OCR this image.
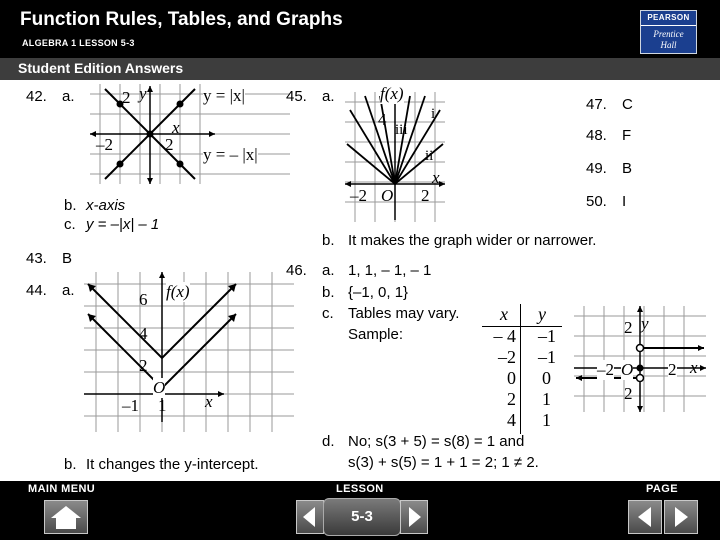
Function Rules, Tables, and Graphs
ALGEBRA 1 LESSON 5-3
PEARSON
Prentice
Hall
Student Edition Answers
42. a.	2 y
x
–2	2
y = |x|
y = – |x|
b. x-axis
c. y = –|x| – 1
43. B
44. a.	f(x)
6
4
2
O
–1 1 x
b. It changes the y-intercept.
45. a.	f(x)
4	i
iii
ii
x
–2 O 2
b. It makes the graph wider or narrower.
47. C
48. F
49. B
50. I
46. a. 1, 1, – 1, – 1
b. {–1, 0, 1}
c. Tables may vary.
Sample:
x y
– 4	–1
–2	–1
0	0
2	1
4	1
2 y
–2 O 2 x
2
d. No; s(3 + 5) = s(8) = 1 and
s(3) + s(5) = 1 + 1 = 2; 1 ≠ 2.
MAIN MENU	LESSON	PAGE
5-3
